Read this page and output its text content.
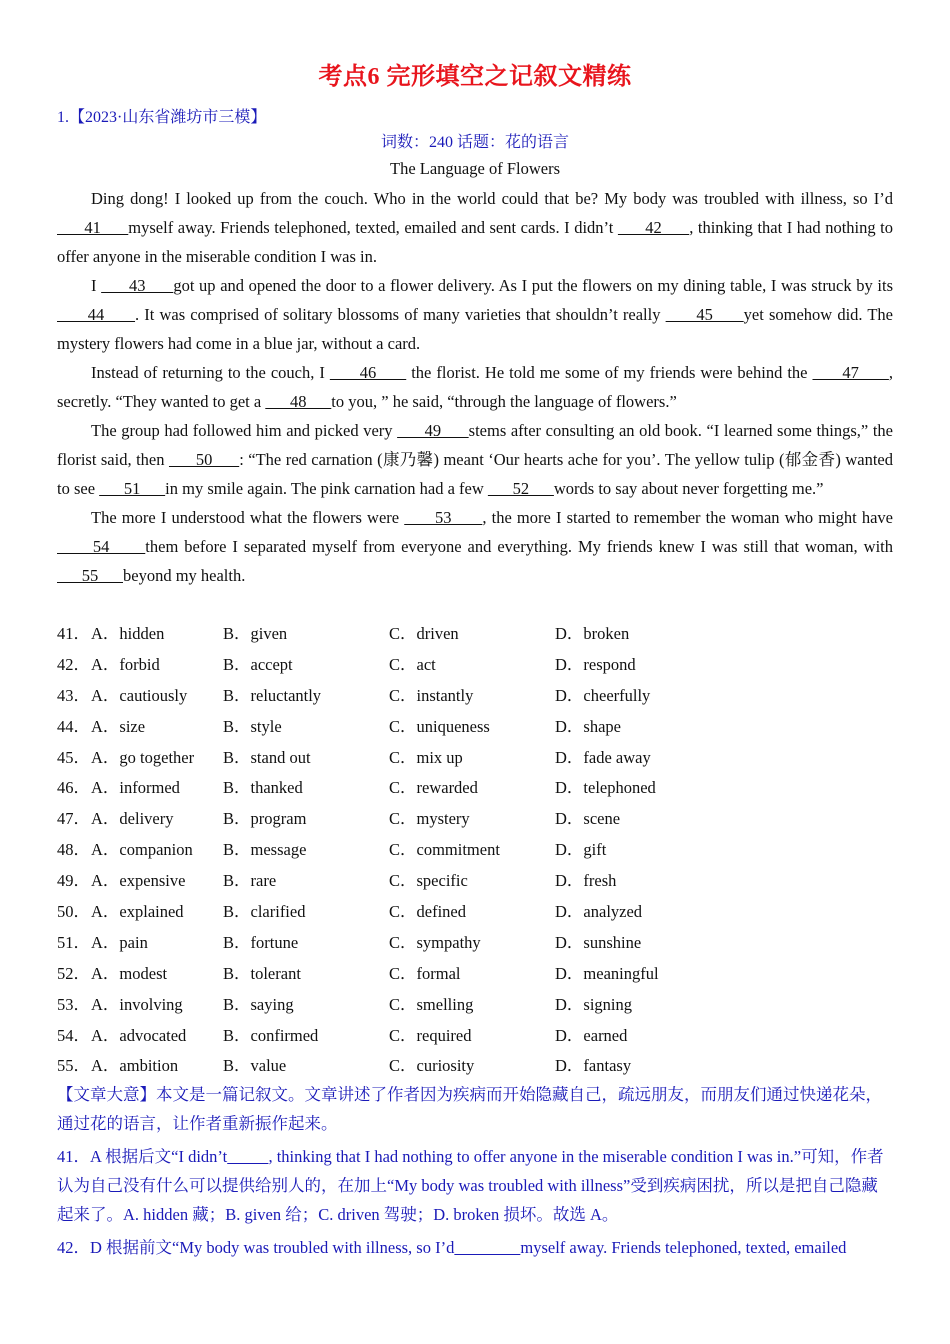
考点6 完形填空之记叙文精练
1.【2023·山东省潍坊市三模】
词数：240 话题：花的语言
The Language of Flowers

Ding dong! I looked up from the couch. Who in the world could that be? My body was troubled with illness, so I’d       41      myself away. Friends telephoned, texted, emailed and sent cards. I didn’t       42      , thinking that I had nothing to offer anyone in the miserable condition I was in.

I       43      got up and opened the door to a flower delivery. As I put the flowers on my dining table, I was struck by its       44      . It was comprised of solitary blossoms of many varieties that shouldn’t really       45      yet somehow did. The mystery flowers had come in a blue jar, without a card.

Instead of returning to the couch, I       46       the florist. He told me some of my friends were behind the       47      , secretly. “They wanted to get a       48      to you, ” he said, “through the language of flowers.”

The group had followed him and picked very       49      stems after consulting an old book. “I learned some things,” the florist said, then       50      : “The red carnation (康乃馨) meant ‘Our hearts ache for you’. The yellow tulip (郁金香) wanted to see       51      in my smile again. The pink carnation had a few       52      words to say about never forgetting me.”

The more I understood what the flowers were       53      , the more I started to remember the woman who might have       54      them before I separated myself from everyone and everything. My friends knew I was still that woman, with       55      beyond my health.

41． A．hidden	B．given	C．driven	D．broken
42． A．forbid	B．accept	C．act	D．respond
43． A．cautiously B．reluctantly	C．instantly	D．cheerfully
44． A．size	B．style	C．uniqueness	D．shape
45． A．go together B．stand out	C．mix up	D．fade away
46． A．informed	B．thanked	C．rewarded	D．telephoned
47． A．delivery	B．program	C．mystery	D．scene
48． A．companion B．message	C．commitment	D．gift
49． A．expensive B．rare	C．specific	D．fresh
50． A．explained B．clarified	C．defined	D．analyzed
51． A．pain	B．fortune	C．sympathy	D．sunshine
52． A．modest	B．tolerant	C．formal	D．meaningful
53． A．involving B．saying	C．smelling	D．signing
54． A．advocated B．confirmed	C．required	D．earned
55． A．ambition	B．value	C．curiosity	D．fantasy

【文章大意】本文是一篇记叙文。文章讲述了作者因为疾病而开始隐藏自己，疏远朋友，而朋友们通过快递花朵，通过花的语言，让作者重新振作起来。

41．A 根据后文“I didn’t	, thinking that I had nothing to offer anyone in the miserable condition I was in.”可知，作者认为自己没有什么可以提供给别人的，在加上“My body was troubled with illness”受到疾病困扰，所以是把自己隐藏起来了。A. hidden 藏；B. given 给；C. driven 驾驶；D. broken 损坏。故选 A。

42．D 根据前文“My body was troubled with illness, so I’d	myself away. Friends telephoned, texted, emailed
